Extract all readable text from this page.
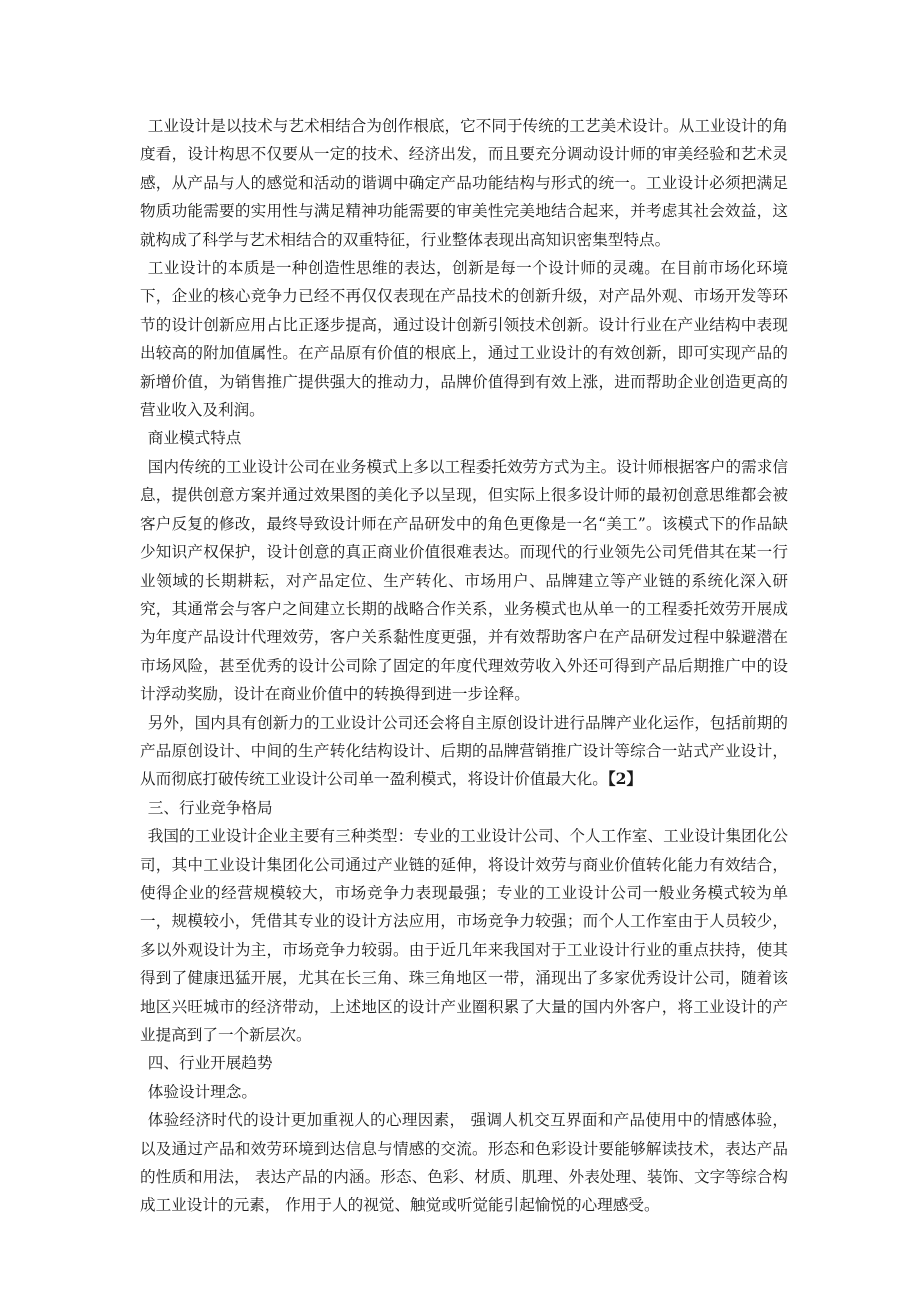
工业设计是以技术与艺术相结合为创作根底，它不同于传统的工艺美术设计。从工业设计的角度看，设计构思不仅要从一定的技术、经济出发，而且要充分调动设计师的审美经验和艺术灵感，从产品与人的感觉和活动的谐调中确定产品功能结构与形式的统一。工业设计必须把满足物质功能需要的实用性与满足精神功能需要的审美性完美地结合起来，并考虑其社会效益，这就构成了科学与艺术相结合的双重特征，行业整体表现出高知识密集型特点。

工业设计的本质是一种创造性思维的表达，创新是每一个设计师的灵魂。在目前市场化环境下，企业的核心竞争力已经不再仅仅表现在产品技术的创新升级，对产品外观、市场开发等环节的设计创新应用占比正逐步提高，通过设计创新引领技术创新。设计行业在产业结构中表现出较高的附加值属性。在产品原有价值的根底上，通过工业设计的有效创新，即可实现产品的新增价值，为销售推广提供强大的推动力，品牌价值得到有效上涨，进而帮助企业创造更高的营业收入及利润。

商业模式特点

国内传统的工业设计公司在业务模式上多以工程委托效劳方式为主。设计师根据客户的需求信息，提供创意方案并通过效果图的美化予以呈现，但实际上很多设计师的最初创意思维都会被客户反复的修改，最终导致设计师在产品研发中的角色更像是一名“美工”。该模式下的作品缺少知识产权保护，设计创意的真正商业价值很难表达。而现代的行业领先公司凭借其在某一行业领域的长期耕耘，对产品定位、生产转化、市场用户、品牌建立等产业链的系统化深入研究，其通常会与客户之间建立长期的战略合作关系，业务模式也从单一的工程委托效劳开展成为年度产品设计代理效劳，客户关系黏性度更强，并有效帮助客户在产品研发过程中躲避潜在市场风险，甚至优秀的设计公司除了固定的年度代理效劳收入外还可得到产品后期推广中的设计浮动奖励，设计在商业价值中的转换得到进一步诠释。

另外，国内具有创新力的工业设计公司还会将自主原创设计进行品牌产业化运作，包括前期的产品原创设计、中间的生产转化结构设计、后期的品牌营销推广设计等综合一站式产业设计，从而彻底打破传统工业设计公司单一盈利模式，将设计价值最大化。【2】

三、行业竞争格局

我国的工业设计企业主要有三种类型：专业的工业设计公司、个人工作室、工业设计集团化公司，其中工业设计集团化公司通过产业链的延伸，将设计效劳与商业价值转化能力有效结合，使得企业的经营规模较大，市场竞争力表现最强；专业的工业设计公司一般业务模式较为单一，规模较小，凭借其专业的设计方法应用，市场竞争力较强；而个人工作室由于人员较少，多以外观设计为主，市场竞争力较弱。由于近几年来我国对于工业设计行业的重点扶持，使其得到了健康迅猛开展，尤其在长三角、珠三角地区一带，涌现出了多家优秀设计公司，随着该地区兴旺城市的经济带动，上述地区的设计产业圈积累了大量的国内外客户，将工业设计的产业提高到了一个新层次。

四、行业开展趋势

体验设计理念。

体验经济时代的设计更加重视人的心理因素， 强调人机交互界面和产品使用中的情感体验， 以及通过产品和效劳环境到达信息与情感的交流。形态和色彩设计要能够解读技术，表达产品的性质和用法， 表达产品的内涵。形态、色彩、材质、肌理、外表处理、装饰、文字等综合构成工业设计的元素， 作用于人的视觉、触觉或听觉能引起愉悦的心理感受。
